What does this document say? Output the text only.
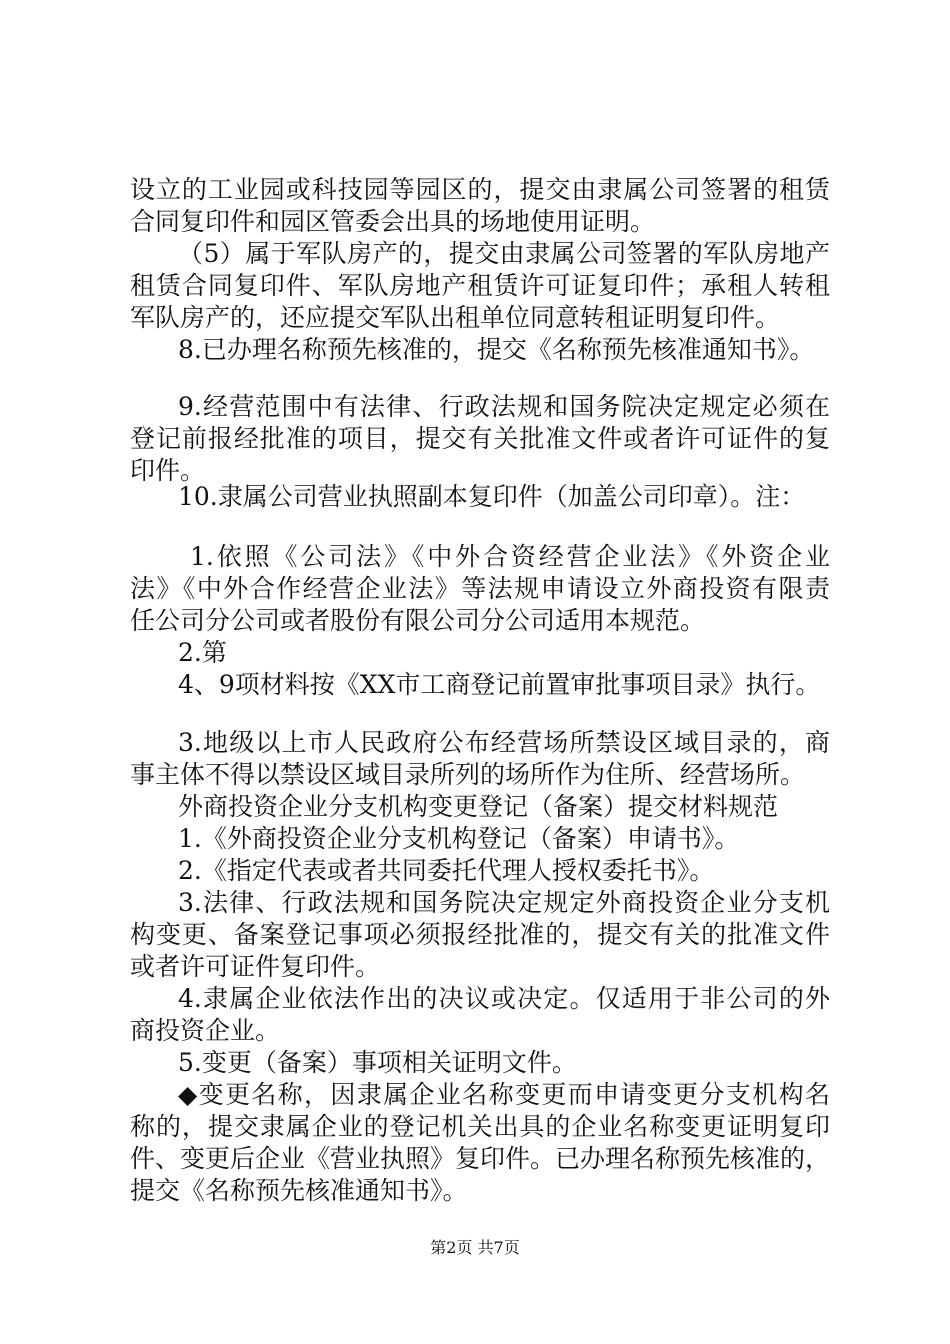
设立的工业园或科技园等园区的，提交由隶属公司签署的租赁
合同复印件和园区管委会出具的场地使用证明。
（5）属于军队房产的，提交由隶属公司签署的军队房地产
租赁合同复印件、军队房地产租赁许可证复印件；承租人转租
军队房产的，还应提交军队出租单位同意转租证明复印件。
8.已办理名称预先核准的，提交《名称预先核准通知书》。
9.经营范围中有法律、行政法规和国务院决定规定必须在
登记前报经批准的项目，提交有关批准文件或者许可证件的复
印件。
10.隶属公司营业执照副本复印件（加盖公司印章）。注：
1.依照《公司法》《中外合资经营企业法》《外资企业
法》《中外合作经营企业法》等法规申请设立外商投资有限责
任公司分公司或者股份有限公司分公司适用本规范。
2.第
4、9项材料按《XX市工商登记前置审批事项目录》执行。
3.地级以上市人民政府公布经营场所禁设区域目录的，商
事主体不得以禁设区域目录所列的场所作为住所、经营场所。
外商投资企业分支机构变更登记（备案）提交材料规范
1.《外商投资企业分支机构登记（备案）申请书》。
2.《指定代表或者共同委托代理人授权委托书》。
3.法律、行政法规和国务院决定规定外商投资企业分支机
构变更、备案登记事项必须报经批准的，提交有关的批准文件
或者许可证件复印件。
4.隶属企业依法作出的决议或决定。仅适用于非公司的外
商投资企业。
5.变更（备案）事项相关证明文件。
◆变更名称，因隶属企业名称变更而申请变更分支机构名
称的，提交隶属企业的登记机关出具的企业名称变更证明复印
件、变更后企业《营业执照》复印件。已办理名称预先核准的，
提交《名称预先核准通知书》。
第2页 共7页
